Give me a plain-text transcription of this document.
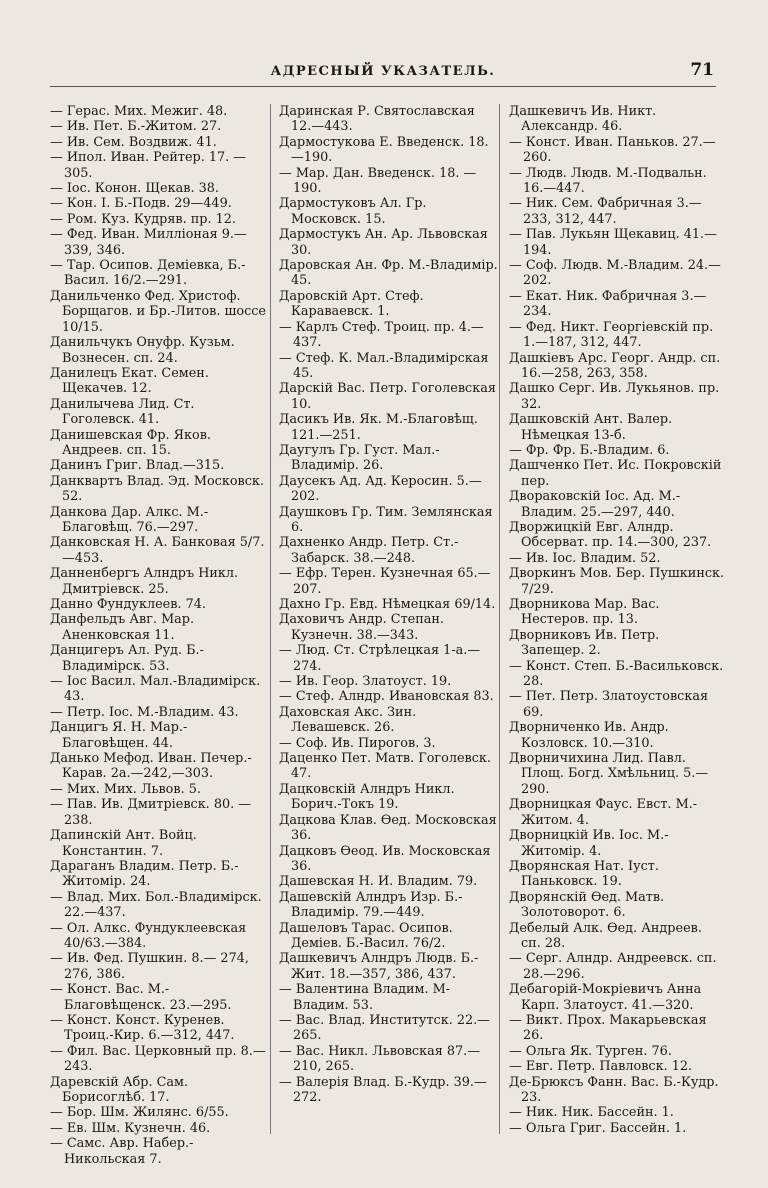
АДРЕСНЫЙ УКАЗАТЕЛЬ.	71

— Герас. Мих. Межиг. 48.

— Ив. Пет. Б.-Житом. 27.

— Ив. Сем. Воздвиж. 41.

— Ипол. Иван. Рейтер. 17. —305.

— Іос. Конон. Щекав. 38.

— Кон. І. Б.-Подв. 29—449.

— Ром. Куз. Кудряв. пр. 12.

— Фед. Иван. Миллiоная 9.—339, 346.

— Тар. Осипов. Деміевка, Б.-Васил. 16/2.—291.

Данильченко Фед. Христоф. Борщагов. и Бр.-Литов. шоссе 10/15.

Данильчукъ Онуфр. Кузьм. Вознесен. сп. 24.

Данилецъ Екат. Семен. Щекачев. 12.

Данилычева Лид. Ст. Гоголевск. 41.

Данишевская Фр. Яков. Андреев. сп. 15.

Данинъ Григ. Влад.—315.

Данквартъ Влад. Эд. Московск. 52.

Данкова Дар. Алкс. М.-Благовѣщ. 76.—297.

Данковская Н. А. Банковая 5/7.—453.

Данненбергъ Алндръ Никл. Дмитріевск. 25.

Данно Фундуклеев. 74.

Данфельдъ Авг. Мар. Аненковская 11.

Данцигеръ Ал. Руд. Б.-Владимірск. 53.

— Іос Васил. Мал.-Владимірск. 43.

— Петр. Іос. М.-Владим. 43.

Данцигъ Я. Н. Мар.-Благовѣщен. 44.

Данько Мефод. Иван. Печер.-Карав. 2а.—242,—303.

— Мих. Мих. Львов. 5.

— Пав. Ив. Дмитріевск. 80. —238.

Дапинскій Ант. Войц. Константин. 7.

Дараганъ Владим. Петр. Б.-Житомір. 24.

— Влад. Мих. Бол.-Владимірск. 22.—437.

— Ол. Алкс. Фундуклеевская 40/63.—384.

— Ив. Фед. Пушкин. 8.— 274, 276, 386.

— Конст. Вас. М.-Благовѣщенск. 23.—295.

— Конст. Конст. Куренев. Троиц.-Кир. 6.—312, 447.

— Фил. Вас. Церковный пр. 8.—243.

Даревскій Абр. Сам. Борисоглѣб. 17.

— Бор. Шм. Жилянс. 6/55.

— Ев. Шм. Кузнечн. 46.

— Самс. Авр. Набер.-Никольская 7.

Даринская Р. Святославская 12.—443.

Дармостукова Е. Введенск. 18.—190.

— Мар. Дан. Введенск. 18. —190.

Дармостуковъ Ал. Гр. Московск. 15.

Дармостукъ Ан. Ар. Львовская 30.

Даровская Ан. Фр. М.-Владимір. 45.

Даровскій Арт. Стеф. Караваевск. 1.

— Карлъ Стеф. Троиц. пр. 4.—437.

— Стеф. К. Мал.-Владимірская 45.

Дарскій Вас. Петр. Гоголевская 10.

Дасикъ Ив. Як. М.-Благовѣщ. 121.—251.

Даугулъ Гр. Густ. Мал.-Владимір. 26.

Даусекъ Ад. Ад. Керосин. 5.—202.

Даушковъ Гр. Тим. Землянская 6.

Дахненко Андр. Петр. Ст.-Забарск. 38.—248.

— Ефр. Терен. Кузнечная 65.—207.

Дахно Гр. Евд. Нѣмецкая 69/14.

Даховичъ Андр. Степан. Кузнечн. 38.—343.

— Люд. Ст. Стрѣлецкая 1-а.—274.

— Ив. Геор. Златоуст. 19.

— Стеф. Алндр. Ивановская 83.

Даховская Акс. Зин. Левашевск. 26.

— Соф. Ив. Пирогов. 3.

Даценко Пет. Матв. Гоголевск. 47.

Дацковскій Алндръ Никл. Борич.-Токъ 19.

Дацкова Клав. Ѳед. Московская 36.

Дацковъ Ѳеод. Ив. Московская 36.

Дашевская Н. И. Владим. 79.

Дашевскій Алндръ Изр. Б.-Владимір. 79.—449.

Дашеловъ Тарас. Осипов. Деміев. Б.-Васил. 76/2.

Дашкевичъ Алндръ Людв. Б.-Жит. 18.—357, 386, 437.

— Валентина Владим. М-Владим. 53.

— Вас. Влад. Институтск. 22.—265.

— Вас. Никл. Львовская 87.—210, 265.

— Валерія Влад. Б.-Кудр. 39.—272.

Дашкевичъ Ив. Никт. Александр. 46.

— Конст. Иван. Паньков. 27.—260.

— Людв. Людв. М.-Подвальн. 16.—447.

— Ник. Сем. Фабричная 3.—233, 312, 447.

— Пав. Лукьян Щекавиц. 41.—194.

— Соф. Людв. М.-Владим. 24.—202.

— Екат. Ник. Фабричная 3.—234.

— Фед. Никт. Георгіевскій пр. 1.—187, 312, 447.

Дашкіевъ Арс. Георг. Андр. сп. 16.—258, 263, 358.

Дашко Серг. Ив. Лукьянов. пр. 32.

Дашковскій Ант. Валер. Нѣмецкая 13-б.

— Фр. Фр. Б.-Владим. 6.

Дашченко Пет. Ис. Покровскій пер.

Двораковскій Іос. Ад. М.-Владим. 25.—297, 440.

Дворжицкій Евг. Алндр. Обсерват. пр. 14.—300, 237.

— Ив. Іос. Владим. 52.

Дворкинъ Мов. Бер. Пушкинск. 7/29.

Дворникова Мар. Вас. Нестеров. пр. 13.

Дворниковъ Ив. Петр. Запещер. 2.

— Конст. Степ. Б.-Васильковск. 28.

— Пет. Петр. Златоустовская 69.

Дворниченко Ив. Андр. Козловск. 10.—310.

Дворничихина Лид. Павл. Площ. Богд. Хмѣльниц. 5.—290.

Дворницкая Фаус. Евст. М.-Житом. 4.

Дворницкій Ив. Іос. М.-Житомір. 4.

Дворянская Нат. Іуст. Паньковск. 19.

Дворянскій Ѳед. Матв. Золотоворот. 6.

Дебелый Алк. Ѳед. Андреев. сп. 28.

— Серг. Алндр. Андреевск. сп. 28.—296.

Дебагорій-Мокріевичъ Анна Карп. Златоуст. 41.—320.

— Викт. Прох. Макарьевская 26.

— Ольга Як. Турген. 76.

— Евг. Петр. Павловск. 12.

Де-Брюксъ Фанн. Вас. Б.-Кудр. 23.

— Ник. Ник. Бассейн. 1.

— Ольга Григ. Бассейн. 1.
